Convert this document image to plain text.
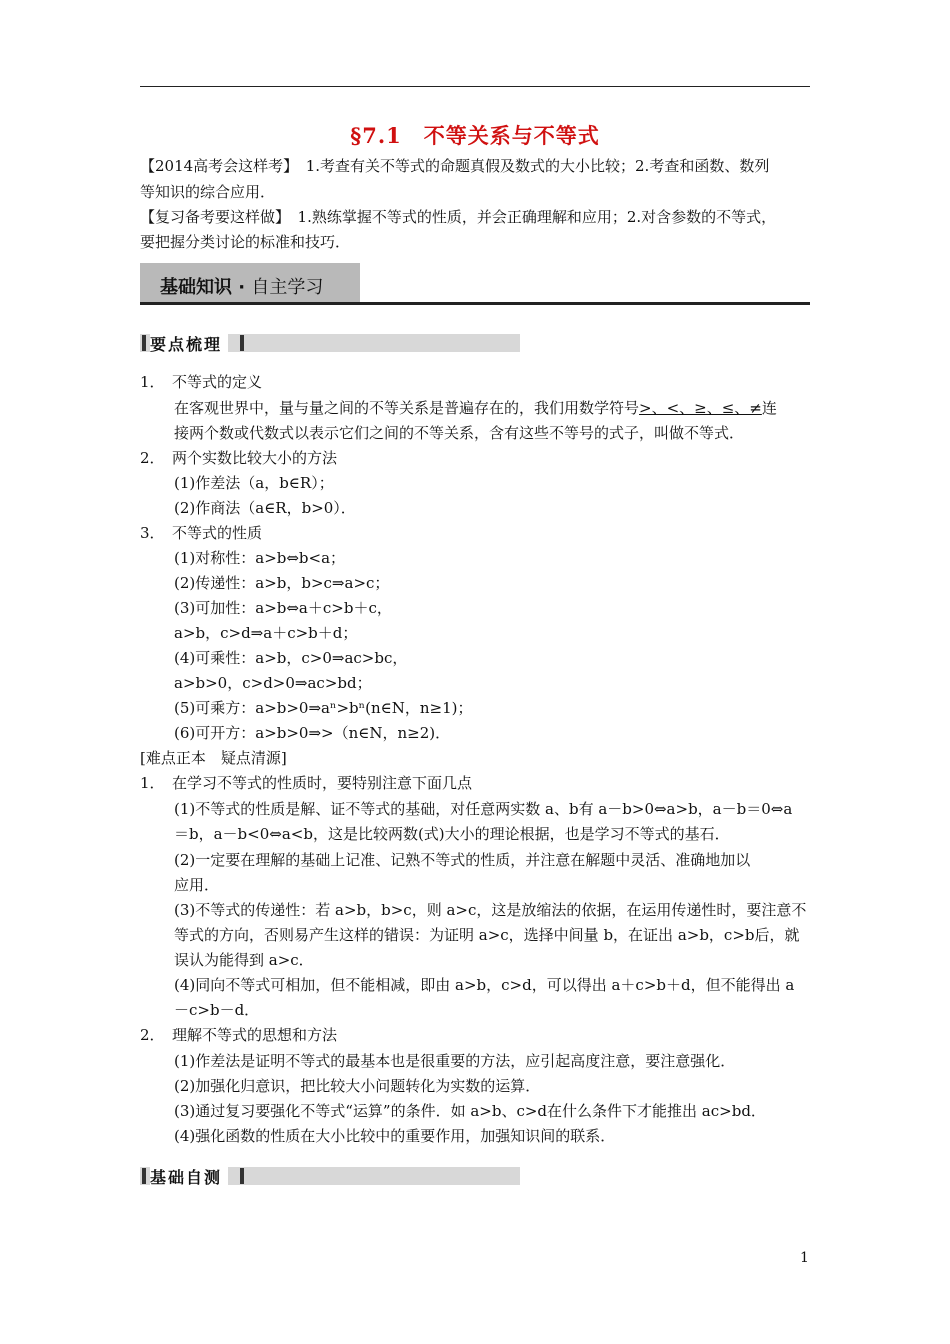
§7.1　不等关系与不等式
【2014高考会这样考】　 1.考查有关不等式的命题真假及数式的大小比较；2.考查和函数、数列
等知识的综合应用．
【复习备考要这样做】　 1.熟练掌握不等式的性质，并会正确理解和应用；2.对含参数的不等式，
要把握分类讨论的标准和技巧．
基础知识 · 自主学习
要点梳理
1．　不等式的定义
在客观世界中，量与量之间的不等关系是普遍存在的，我们用数学符号>、<、≥、≤、≠连
接两个数或代数式以表示它们之间的不等关系，含有这些不等号的式子，叫做不等式．
2．　两个实数比较大小的方法
(1)作差法（a，b∈R）；
(2)作商法（a∈R，b>0）．
3．　不等式的性质
(1)对称性：a>b⇔b<a；
(2)传递性：a>b，b>c⇒a>c；
(3)可加性：a>b⇔a＋c>b＋c，
a>b，c>d⇒a＋c>b＋d；
(4)可乘性：a>b，c>0⇒ac>bc，
a>b>0，c>d>0⇒ac>bd；
(5)可乘方：a>b>0⇒aⁿ>bⁿ(n∈N，n≥1)；
(6)可开方：a>b>0⇒>（n∈N，n≥2)．
[难点正本　疑点清源]
1．　在学习不等式的性质时，要特别注意下面几点
(1)不等式的性质是解、证不等式的基础，对任意两实数 a、b有 a－b>0⇔a>b，a－b＝0⇔a
＝b，a－b<0⇔a<b，这是比较两数(式)大小的理论根据，也是学习不等式的基石．
(2)一定要在理解的基础上记准、记熟不等式的性质，并注意在解题中灵活、准确地加以
应用．
(3)不等式的传递性：若 a>b，b>c，则 a>c，这是放缩法的依据，在运用传递性时，要注意不
等式的方向，否则易产生这样的错误：为证明 a>c，选择中间量 b，在证出 a>b，c>b后，就
误认为能得到 a>c．
(4)同向不等式可相加，但不能相减，即由 a>b，c>d，可以得出 a＋c>b＋d，但不能得出 a
－c>b－d．
2．　理解不等式的思想和方法
(1)作差法是证明不等式的最基本也是很重要的方法，应引起高度注意，要注意强化．
(2)加强化归意识，把比较大小问题转化为实数的运算．
(3)通过复习要强化不等式“运算”的条件．如 a>b、c>d在什么条件下才能推出 ac>bd．
(4)强化函数的性质在大小比较中的重要作用，加强知识间的联系．
基础自测
1
